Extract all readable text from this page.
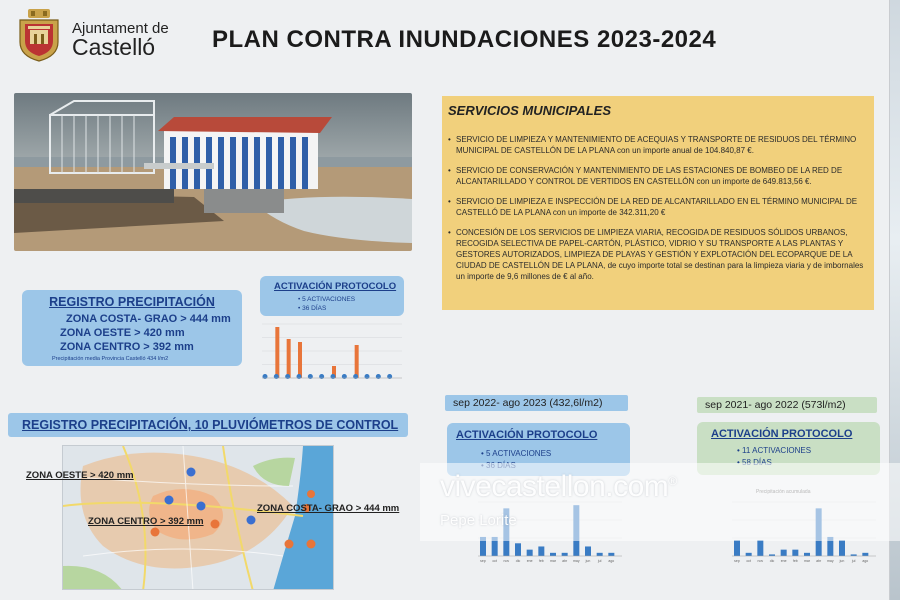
Ajuntament de
Castelló PLAN CONTRA INUNDACIONES 2023-2024
SERVICIOS MUNICIPALES
• SERVICIO DE LIMPIEZA Y MANTENIMIENTO DE ACEQUIAS Y TRANSPORTE DE RESIDUOS DEL TÉRMINO MUNICIPAL DE CASTELLÓN DE LA PLANA con un importe anual de 104.840,87 €.
• SERVICIO DE CONSERVACIÓN Y MANTENIMIENTO DE LAS ESTACIONES DE BOMBEO DE LA RED DE ALCANTARILLADO Y CONTROL DE VERTIDOS EN CASTELLÓN con un importe de 649.813,56 €.
• SERVICIO DE LIMPIEZA E INSPECCIÓN DE LA RED DE ALCANTARILLADO EN EL TÉRMINO MUNICIPAL DE CASTELLÓ DE LA PLANA con un importe de 342.311,20 €
• CONCESIÓN DE LOS SERVICIOS DE LIMPIEZA VIARIA, RECOGIDA DE RESIDUOS SÓLIDOS URBANOS, RECOGIDA SELECTIVA DE PAPEL-CARTÓN, PLÁSTICO, VIDRIO Y SU TRANSPORTE A LAS PLANTAS Y GESTORES AUTORIZADOS, LIMPIEZA DE PLAYAS Y GESTIÓN Y EXPLOTACIÓN DEL ECOPARQUE DE LA CIUDAD DE CASTELLÓN DE LA PLANA, de cuyo importe total se destinan para la limpieza viaria y de imbornales un importe de 9,6 millones de € al año.
REGISTRO PRECIPITACIÓN
ZONA COSTA- GRAO > 444 mm
ZONA OESTE > 420 mm
ZONA CENTRO > 392 mm
Precipitación media Provincia Castelló 434 l/m2
ACTIVACIÓN PROTOCOLO
• 5 ACTIVACIONES
• 36 DÍAS
REGISTRO PRECIPITACIÓN, 10 PLUVIÓMETROS DE CONTROL
ZONA OESTE > 420 mm
ZONA CENTRO > 392 mm
ZONA COSTA- GRAO > 444 mm
sep 2022- ago 2023 (432,6l/m2)
ACTIVACIÓN PROTOCOLO
• 5 ACTIVACIONES
sep oct nov dic ene feb mar abr may jun jul ago
sep 2021- ago 2022 (573l/m2)
ACTIVACIÓN PROTOCOLO
• 11 ACTIVACIONES
sep oct nov dic ene feb mar abr may jun jul ago
vivecastellon.com®
Pepe Lorite
